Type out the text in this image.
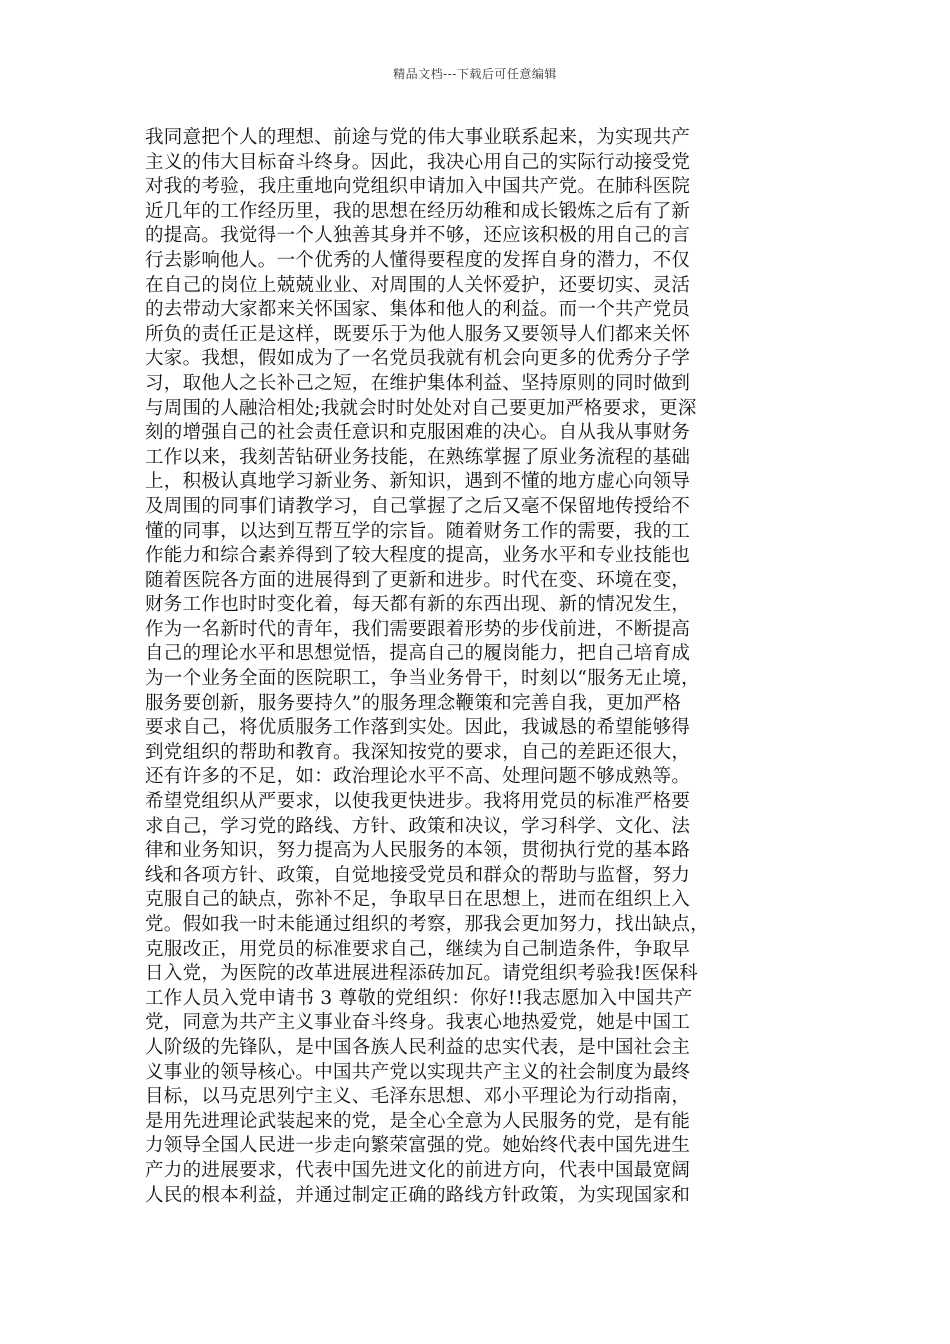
精品文档---下载后可任意编辑
我同意把个人的理想、前途与党的伟大事业联系起来，为实现共产
主义的伟大目标奋斗终身。因此，我决心用自己的实际行动接受党
对我的考验，我庄重地向党组织申请加入中国共产党。在肺科医院
近几年的工作经历里，我的思想在经历幼稚和成长锻炼之后有了新
的提高。我觉得一个人独善其身并不够，还应该积极的用自己的言
行去影响他人。一个优秀的人懂得要程度的发挥自身的潜力，不仅
在自己的岗位上兢兢业业、对周围的人关怀爱护，还要切实、灵活
的去带动大家都来关怀国家、集体和他人的利益。而一个共产党员
所负的责任正是这样，既要乐于为他人服务又要领导人们都来关怀
大家。我想，假如成为了一名党员我就有机会向更多的优秀分子学
习，取他人之长补己之短，在维护集体利益、坚持原则的同时做到
与周围的人融洽相处;我就会时时处处对自己要更加严格要求，更深
刻的增强自己的社会责任意识和克服困难的决心。自从我从事财务
工作以来，我刻苦钻研业务技能，在熟练掌握了原业务流程的基础
上，积极认真地学习新业务、新知识，遇到不懂的地方虚心向领导
及周围的同事们请教学习，自己掌握了之后又毫不保留地传授给不
懂的同事，以达到互帮互学的宗旨。随着财务工作的需要，我的工
作能力和综合素养得到了较大程度的提高，业务水平和专业技能也
随着医院各方面的进展得到了更新和进步。时代在变、环境在变，
财务工作也时时变化着，每天都有新的东西出现、新的情况发生，
作为一名新时代的青年，我们需要跟着形势的步伐前进，不断提高
自己的理论水平和思想觉悟，提高自己的履岗能力，把自己培育成
为一个业务全面的医院职工，争当业务骨干，时刻以“服务无止境，
服务要创新，服务要持久”的服务理念鞭策和完善自我，更加严格
要求自己，将优质服务工作落到实处。因此，我诚恳的希望能够得
到党组织的帮助和教育。我深知按党的要求，自己的差距还很大，
还有许多的不足，如：政治理论水平不高、处理问题不够成熟等。
希望党组织从严要求，以使我更快进步。我将用党员的标准严格要
求自己，学习党的路线、方针、政策和决议，学习科学、文化、法
律和业务知识，努力提高为人民服务的本领，贯彻执行党的基本路
线和各项方针、政策，自觉地接受党员和群众的帮助与监督，努力
克服自己的缺点，弥补不足，争取早日在思想上，进而在组织上入
党。假如我一时未能通过组织的考察，那我会更加努力，找出缺点，
克服改正，用党员的标准要求自己，继续为自己制造条件，争取早
日入党，为医院的改革进展进程添砖加瓦。请党组织考验我!医保科
工作人员入党申请书 3 尊敬的党组织：你好!!我志愿加入中国共产
党，同意为共产主义事业奋斗终身。我衷心地热爱党，她是中国工
人阶级的先锋队，是中国各族人民利益的忠实代表，是中国社会主
义事业的领导核心。中国共产党以实现共产主义的社会制度为最终
目标，以马克思列宁主义、毛泽东思想、邓小平理论为行动指南，
是用先进理论武装起来的党，是全心全意为人民服务的党，是有能
力领导全国人民进一步走向繁荣富强的党。她始终代表中国先进生
产力的进展要求，代表中国先进文化的前进方向，代表中国最宽阔
人民的根本利益，并通过制定正确的路线方针政策，为实现国家和
